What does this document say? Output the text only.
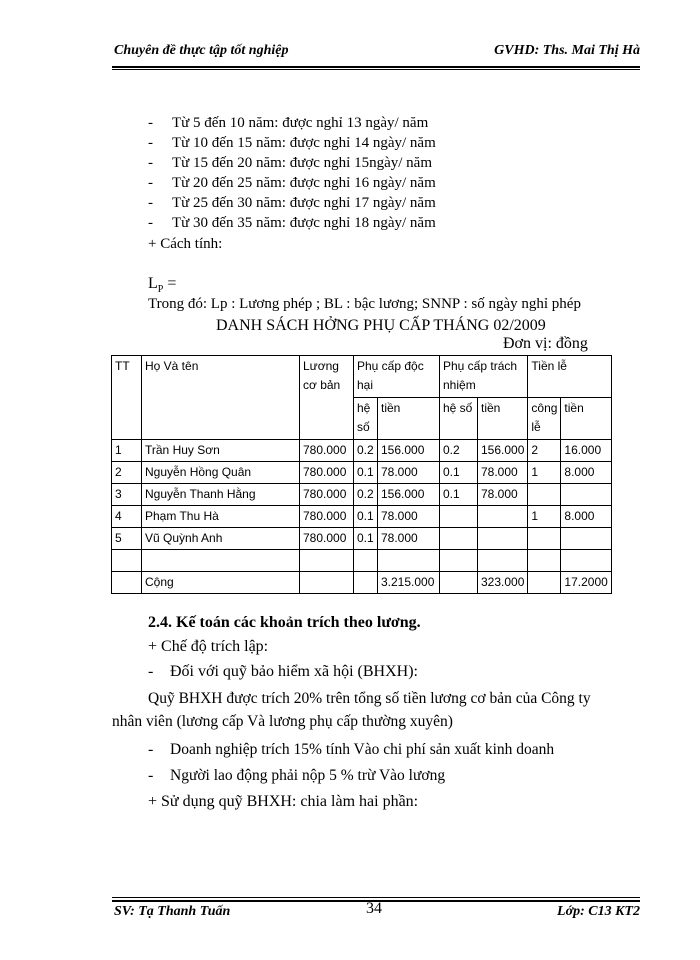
Chuyên đề thực tập tốt nghiệp	GVHD: Ths. Mai Thị Hà
- Từ 5 đến 10 năm: được nghỉ 13 ngày/ năm
- Từ 10 đến 15 năm: được nghỉ 14 ngày/ năm
- Từ 15 đến 20 năm: được nghỉ 15ngày/ năm
- Từ 20 đến 25 năm: được nghỉ 16 ngày/ năm
- Từ 25 đến 30 năm: được nghỉ 17 ngày/ năm
- Từ 30 đến 35 năm: được nghỉ 18 ngày/ năm
+ Cách tính:
$L_P$ =
Trong đó: Lp : Lương phép ; BL : bậc lương; SNNP : số ngày nghỉ phép
DANH SÁCH HỞNG PHỤ CẤP THÁNG 02/2009
Đơn vị: đồng
TT	Họ Và tên	Lương cơ bản	Phụ cấp độc hại		Phụ cấp trách nhiệm		Tiền lễ	
			hệ số	tiền	hệ số	tiền	công lễ	tiền
1	Trần Huy Sơn	780.000	0.2	156.000	0.2	156.000	2	16.000
2	Nguyễn Hồng Quân	780.000	0.1	78.000	0.1	78.000	1	8.000
3	Nguyễn Thanh Hằng	780.000	0.2	156.000	0.1	78.000		
4	Phạm Thu Hà	780.000	0.1	78.000			1	8.000
5	Vũ Quỳnh Anh	780.000	0.1	78.000				

	Cộng			3.215.000		323.000		17.2000
2.4. Kế toán các khoản trích theo lương.
+ Chế độ trích lập:
- Đối với quỹ bảo hiểm xã hội (BHXH):
Quỹ BHXH được trích 20% trên tổng số tiền lương cơ bản của Công ty
nhân viên (lương cấp Và lương phụ cấp thường xuyên)
- Doanh nghiệp trích 15% tính Vào chi phí sản xuất kinh doanh
- Người lao động phải nộp 5 % trừ Vào lương
+ Sử dụng quỹ BHXH: chia làm hai phần:
SV: Tạ Thanh Tuấn	34	Lớp: C13 KT2
